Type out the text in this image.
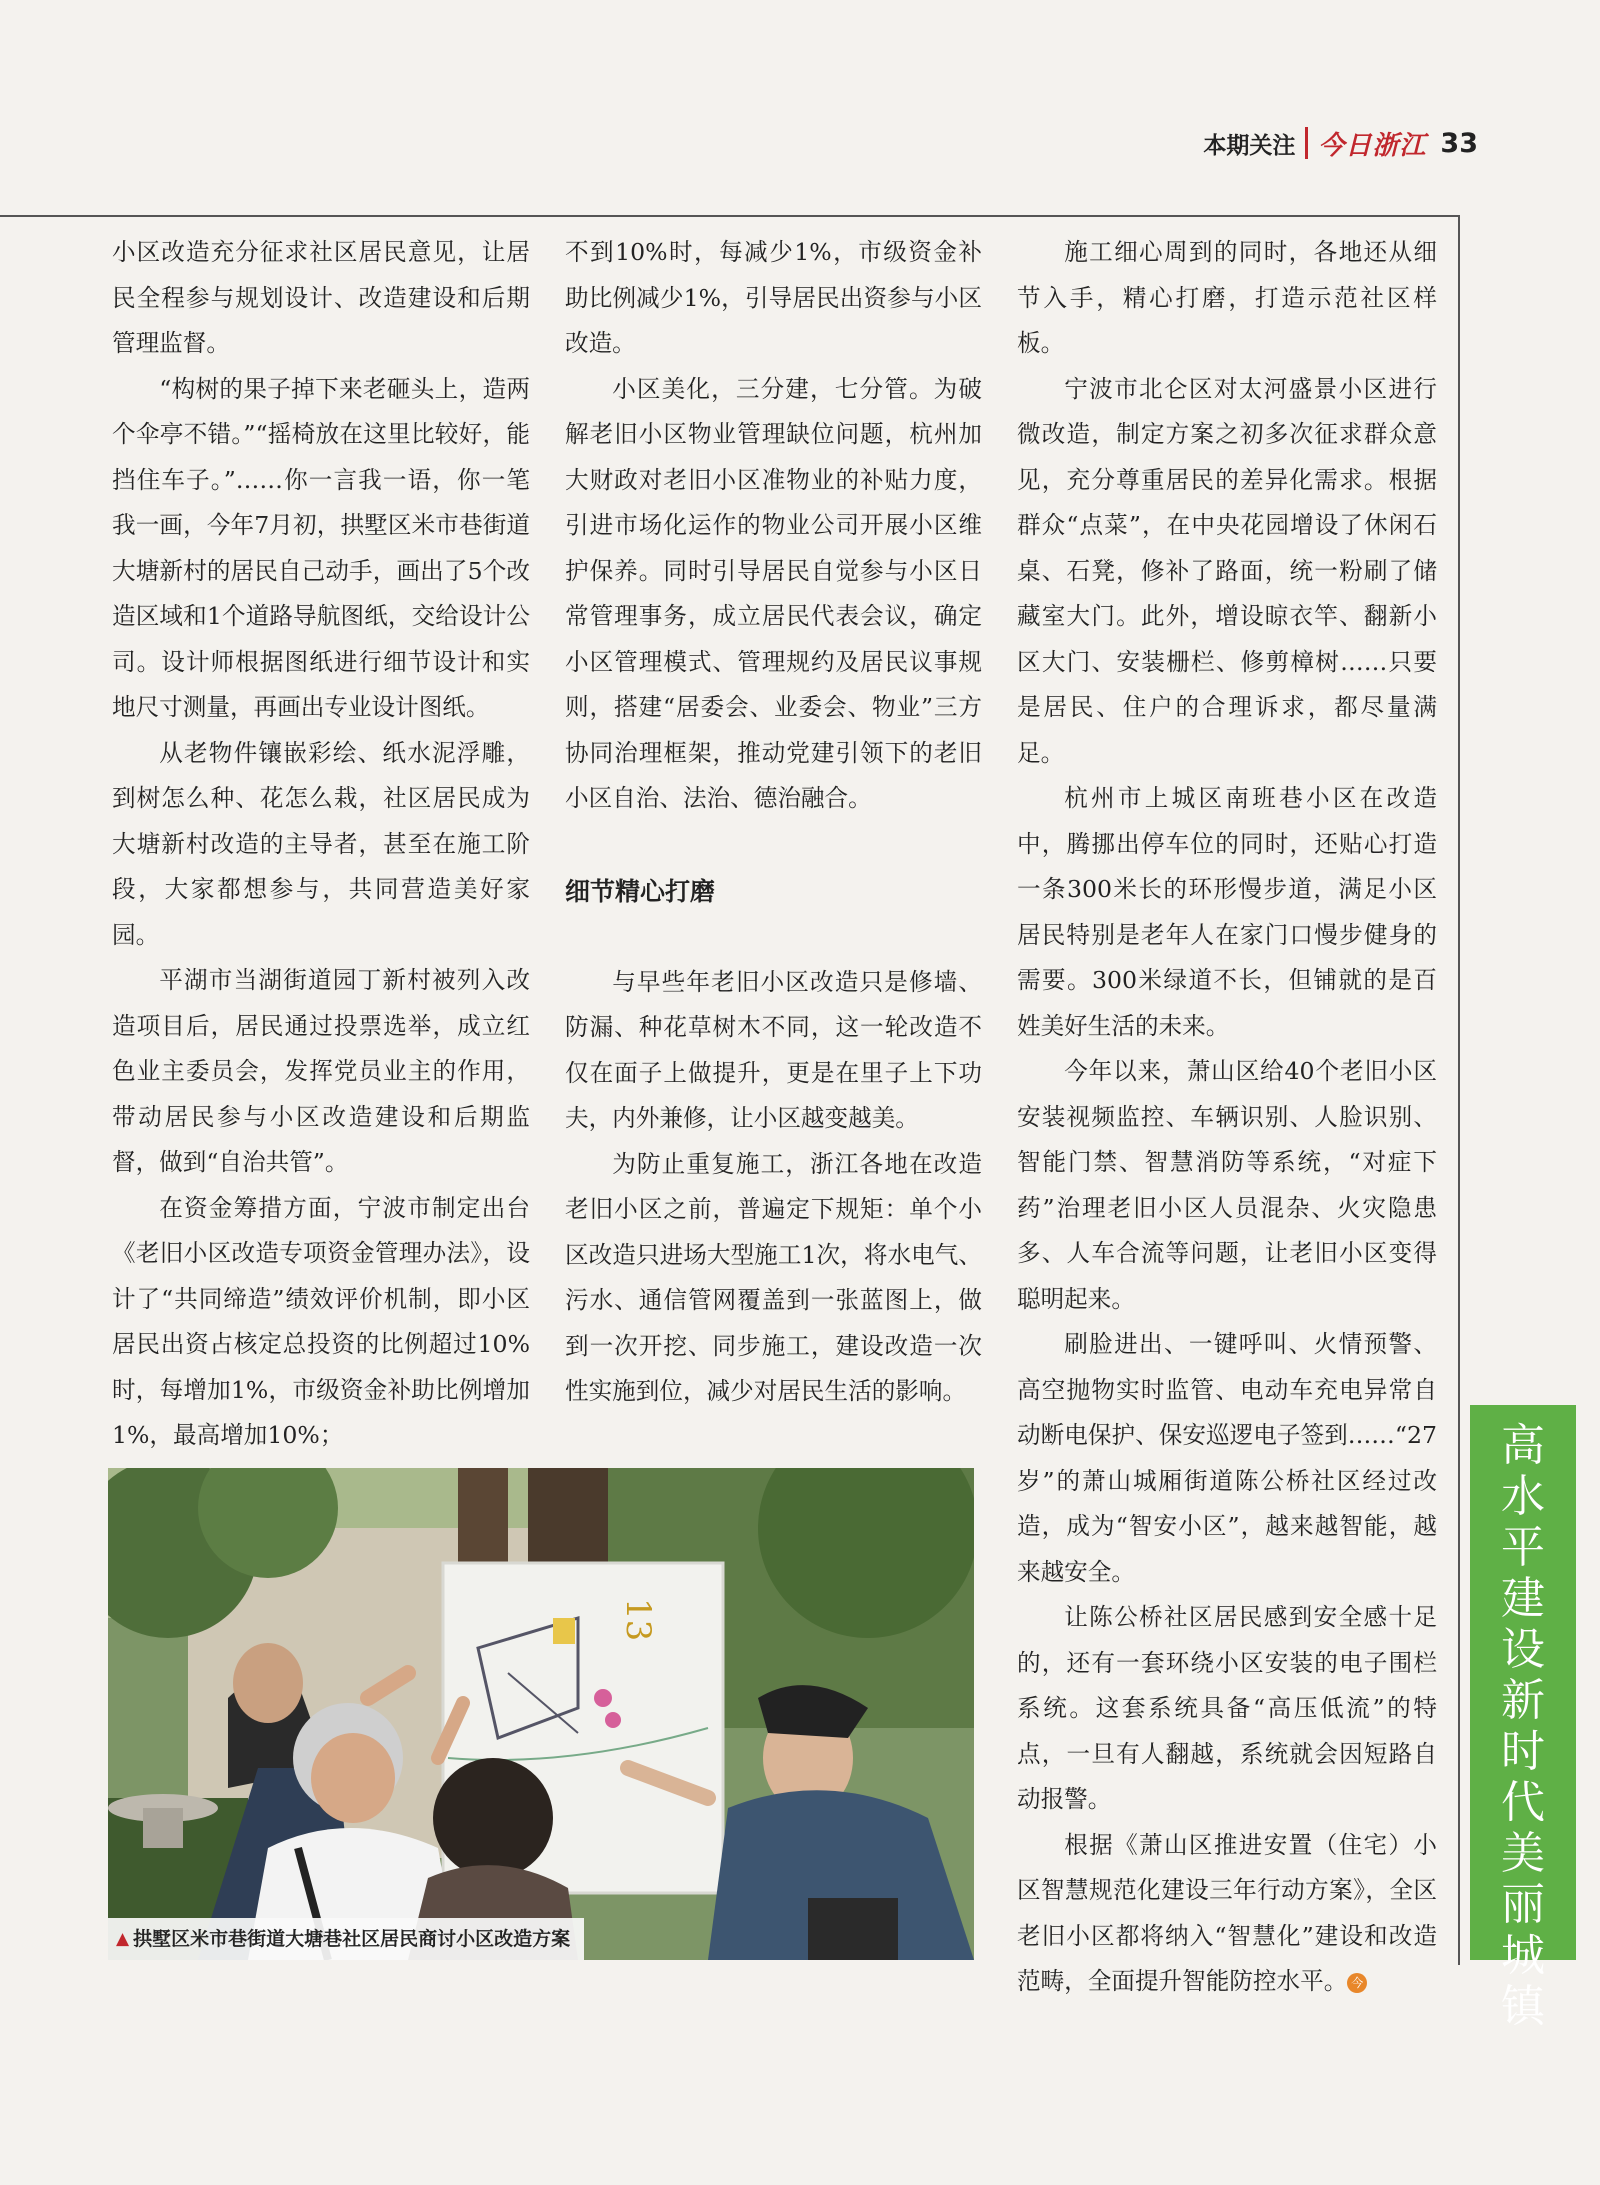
本期关注 今日浙江 33

小区改造充分征求社区居民意见，让居民全程参与规划设计、改造建设和后期管理监督。

“构树的果子掉下来老砸头上，造两个伞亭不错。”“摇椅放在这里比较好，能挡住车子。”……你一言我一语，你一笔我一画，今年7月初，拱墅区米市巷街道大塘新村的居民自己动手，画出了5个改造区域和1个道路导航图纸，交给设计公司。设计师根据图纸进行细节设计和实地尺寸测量，再画出专业设计图纸。

从老物件镶嵌彩绘、纸水泥浮雕，到树怎么种、花怎么栽，社区居民成为大塘新村改造的主导者，甚至在施工阶段，大家都想参与，共同营造美好家园。

平湖市当湖街道园丁新村被列入改造项目后，居民通过投票选举，成立红色业主委员会，发挥党员业主的作用，带动居民参与小区改造建设和后期监督，做到“自治共管”。

在资金筹措方面，宁波市制定出台《老旧小区改造专项资金管理办法》，设计了“共同缔造”绩效评价机制，即小区居民出资占核定总投资的比例超过10%时，每增加1%，市级资金补助比例增加1%，最高增加10%；

不到10%时，每减少1%，市级资金补助比例减少1%，引导居民出资参与小区改造。

小区美化，三分建，七分管。为破解老旧小区物业管理缺位问题，杭州加大财政对老旧小区准物业的补贴力度，引进市场化运作的物业公司开展小区维护保养。同时引导居民自觉参与小区日常管理事务，成立居民代表会议，确定小区管理模式、管理规约及居民议事规则，搭建“居委会、业委会、物业”三方协同治理框架，推动党建引领下的老旧小区自治、法治、德治融合。

细节精心打磨

与早些年老旧小区改造只是修墙、防漏、种花草树木不同，这一轮改造不仅在面子上做提升，更是在里子上下功夫，内外兼修，让小区越变越美。

为防止重复施工，浙江各地在改造老旧小区之前，普遍定下规矩：单个小区改造只进场大型施工1次，将水电气、污水、通信管网覆盖到一张蓝图上，做到一次开挖、同步施工，建设改造一次性实施到位，减少对居民生活的影响。

施工细心周到的同时，各地还从细节入手，精心打磨，打造示范社区样板。

宁波市北仑区对太河盛景小区进行微改造，制定方案之初多次征求群众意见，充分尊重居民的差异化需求。根据群众“点菜”，在中央花园增设了休闲石桌、石凳，修补了路面，统一粉刷了储藏室大门。此外，增设晾衣竿、翻新小区大门、安装栅栏、修剪樟树……只要是居民、住户的合理诉求，都尽量满足。

杭州市上城区南班巷小区在改造中，腾挪出停车位的同时，还贴心打造一条300米长的环形慢步道，满足小区居民特别是老年人在家门口慢步健身的需要。300米绿道不长，但铺就的是百姓美好生活的未来。

今年以来，萧山区给40个老旧小区安装视频监控、车辆识别、人脸识别、智能门禁、智慧消防等系统，“对症下药”治理老旧小区人员混杂、火灾隐患多、人车合流等问题，让老旧小区变得聪明起来。

刷脸进出、一键呼叫、火情预警、高空抛物实时监管、电动车充电异常自动断电保护、保安巡逻电子签到……“27岁”的萧山城厢街道陈公桥社区经过改造，成为“智安小区”，越来越智能，越来越安全。

让陈公桥社区居民感到安全感十足的，还有一套环绕小区安装的电子围栏系统。这套系统具备“高压低流”的特点，一旦有人翻越，系统就会因短路自动报警。

根据《萧山区推进安置（住宅）小区智慧规范化建设三年行动方案》，全区老旧小区都将纳入“智慧化”建设和改造范畴，全面提升智能防控水平。 今

13
▲ 拱墅区米市巷街道大塘巷社区居民商讨小区改造方案
高
水
平
建
设
新
时
代
美
丽
城
镇
